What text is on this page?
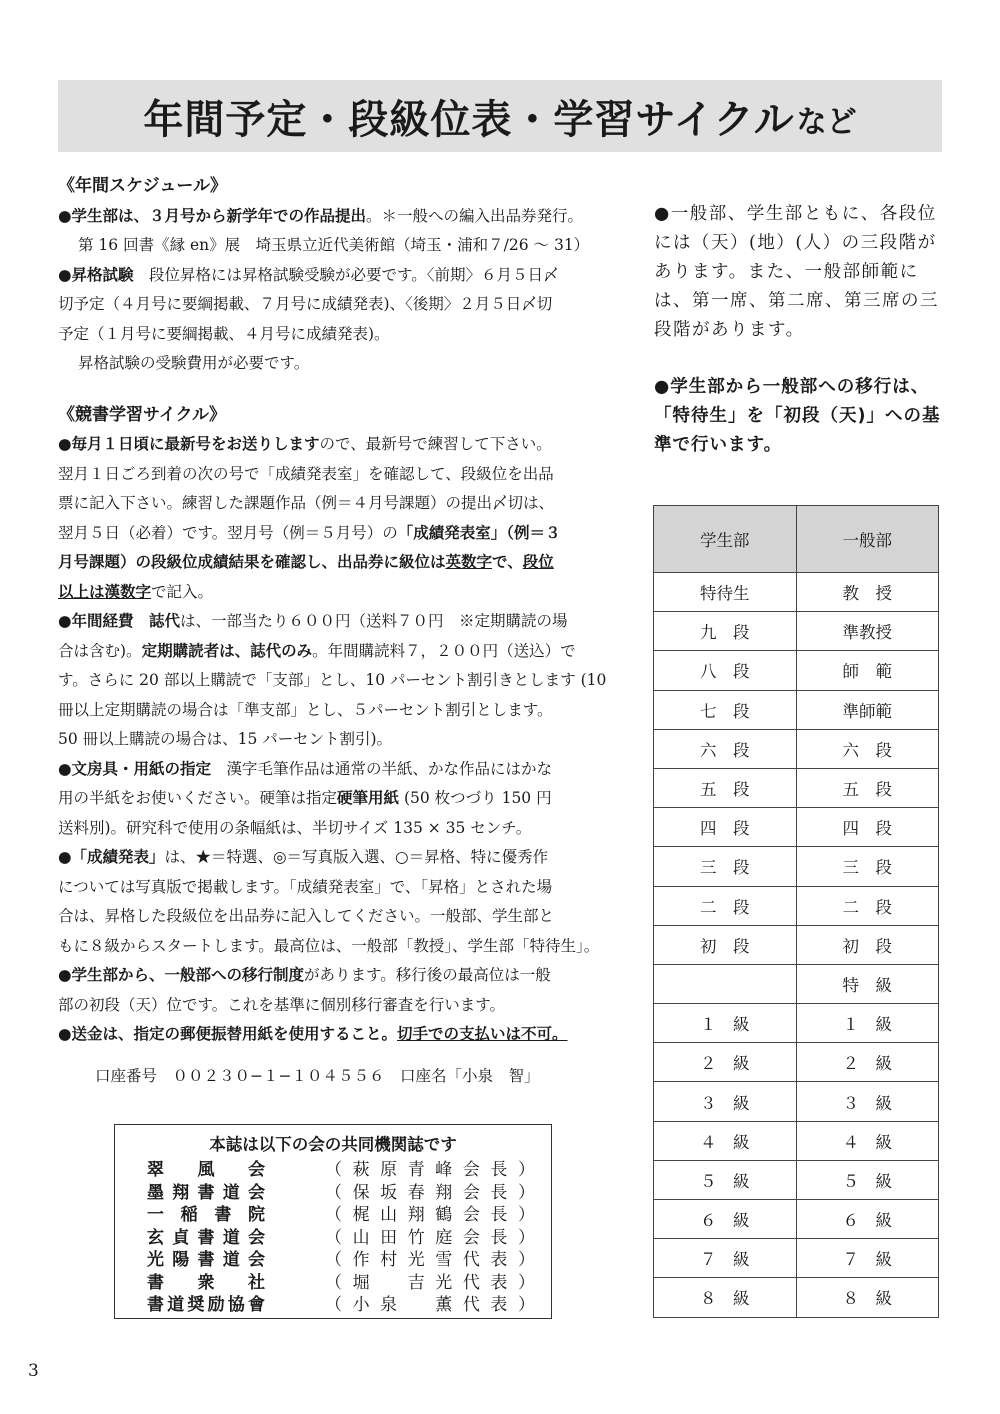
年間予定・段級位表・学習サイクル など
《年間スケジュール》
●学生部は、３月号から新学年での作品提出。＊一般への編入出品券発行。
第 16 回書《縁 en》展　埼玉県立近代美術館（埼玉・浦和７/26 〜 31）
●昇格試験　段位昇格には昇格試験受験が必要です。〈前期〉６月５日〆
切予定（４月号に要綱掲載、７月号に成績発表)、〈後期〉２月５日〆切
予定（１月号に要綱掲載、４月号に成績発表)。
昇格試験の受験費用が必要です。
《競書学習サイクル》
●毎月１日頃に最新号をお送りしますので、最新号で練習して下さい。
翌月１日ごろ到着の次の号で「成績発表室」を確認して、段級位を出品
票に記入下さい。練習した課題作品（例＝４月号課題）の提出〆切は、
翌月５日（必着）です。翌月号（例＝５月号）の「成績発表室」（例＝３
月号課題）の段級位成績結果を確認し、出品券に級位は英数字で、段位
以上は漢数字で記入。
●年間経費　誌代は、一部当たり６００円（送料７０円　※定期購読の場
合は含む)。定期購読者は、誌代のみ。年間購読料７，２００円（送込）で
す。さらに 20 部以上購読で「支部」とし、10 パーセント割引きとします (10
冊以上定期購読の場合は「準支部」とし、５パーセント割引とします。
50 冊以上購読の場合は、15 パーセント割引)。
●文房具・用紙の指定　漢字毛筆作品は通常の半紙、かな作品にはかな
用の半紙をお使いください。硬筆は指定硬筆用紙 (50 枚つづり 150 円
送料別)。研究科で使用の条幅紙は、半切サイズ 135 × 35 センチ。
●「成績発表」は、★＝特選、◎＝写真版入選、○＝昇格、特に優秀作
については写真版で掲載します。「成績発表室」で、「昇格」とされた場
合は、昇格した段級位を出品券に記入してください。一般部、学生部と
もに８級からスタートします。最高位は、一般部「教授」、学生部「特待生」。
●学生部から、一般部への移行制度があります。移行後の最高位は一般
部の初段（天）位です。これを基準に個別移行審査を行います。
●送金は、指定の郵便振替用紙を使用すること。切手での支払いは不可。
口座番号　００２３０−１−１０４５５６　口座名「小泉　智」
本誌は以下の会の共同機関誌です
翠風会	（萩原青峰会長）
墨翔書道会	（保坂春翔会長）
一稲書院	（梶山翔鶴会長）
玄貞書道会	（山田竹庭会長）
光陽書道会	（作村光雪代表）
書衆社	（堀　吉光代表）
書道奨励協會	（小泉　薫代表）

●一般部、学生部ともに、各段位には（天）(地）(人）の三段階があります。また、一般部師範には、第一席、第二席、第三席の三段階があります。

●学生部から一般部への移行は、「特待生」を「初段（天)」への基準で行います。

学生部	一般部
特待生	教　授
九　段	準教授
八　段	師　範
七　段	準師範
六　段	六　段
五　段	五　段
四　段	四　段
三　段	三　段
二　段	二　段
初　段	初　段
	特　級
１　級	１　級
２　級	２　級
３　級	３　級
４　級	４　級
５　級	５　級
６　級	６　級
７　級	７　級
８　級	８　級
3
